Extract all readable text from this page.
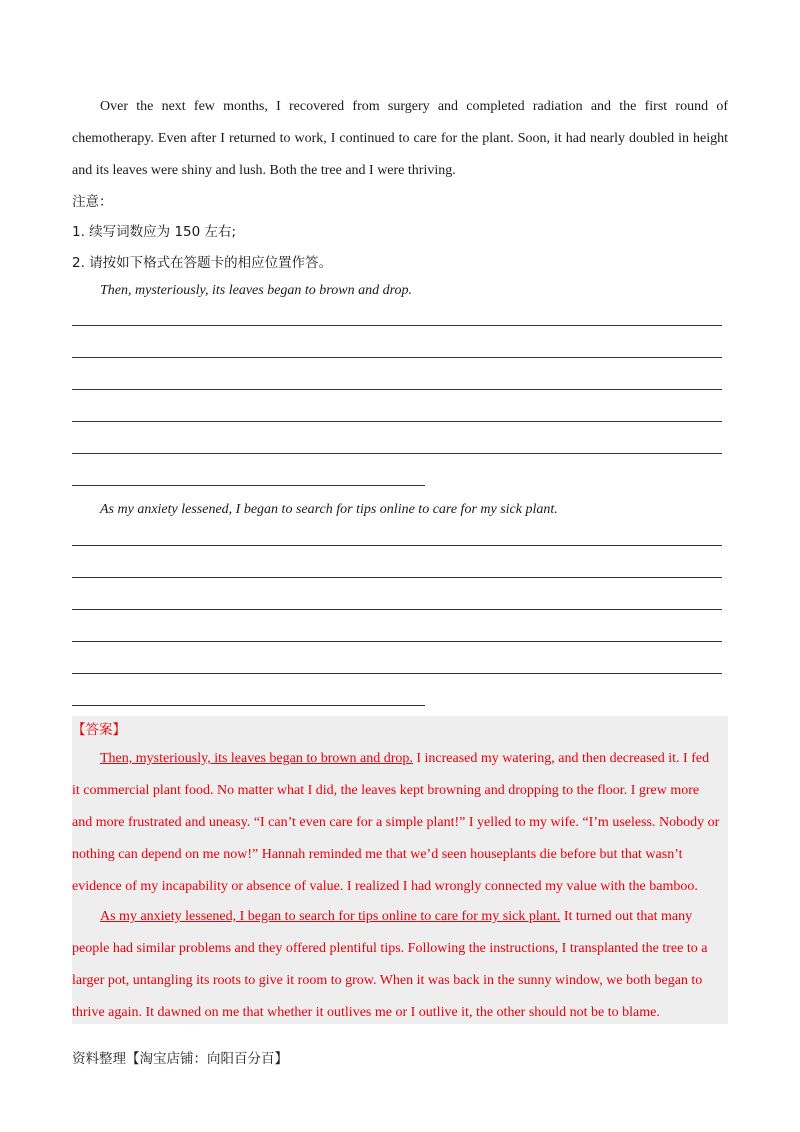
Over the next few months, I recovered from surgery and completed radiation and the first round of
chemotherapy. Even after I returned to work, I continued to care for the plant. Soon, it had nearly doubled in height
and its leaves were shiny and lush. Both the tree and I were thriving.
注意：
1. 续写词数应为 150 左右;
2. 请按如下格式在答题卡的相应位置作答。
Then, mysteriously, its leaves began to brown and drop.
As my anxiety lessened, I began to search for tips online to care for my sick plant.
【答案】
Then, mysteriously, its leaves began to brown and drop. I increased my watering, and then decreased it. I fed
it commercial plant food. No matter what I did, the leaves kept browning and dropping to the floor. I grew more
and more frustrated and uneasy. “I can’t even care for a simple plant!” I yelled to my wife. “I’m useless. Nobody or
nothing can depend on me now!” Hannah reminded me that we’d seen houseplants die before but that wasn’t
evidence of my incapability or absence of value. I realized I had wrongly connected my value with the bamboo.
As my anxiety lessened, I began to search for tips online to care for my sick plant. It turned out that many
people had similar problems and they offered plentiful tips. Following the instructions, I transplanted the tree to a
larger pot, untangling its roots to give it room to grow. When it was back in the sunny window, we both began to
thrive again. It dawned on me that whether it outlives me or I outlive it, the other should not be to blame.
资料整理【淘宝店铺：向阳百分百】
